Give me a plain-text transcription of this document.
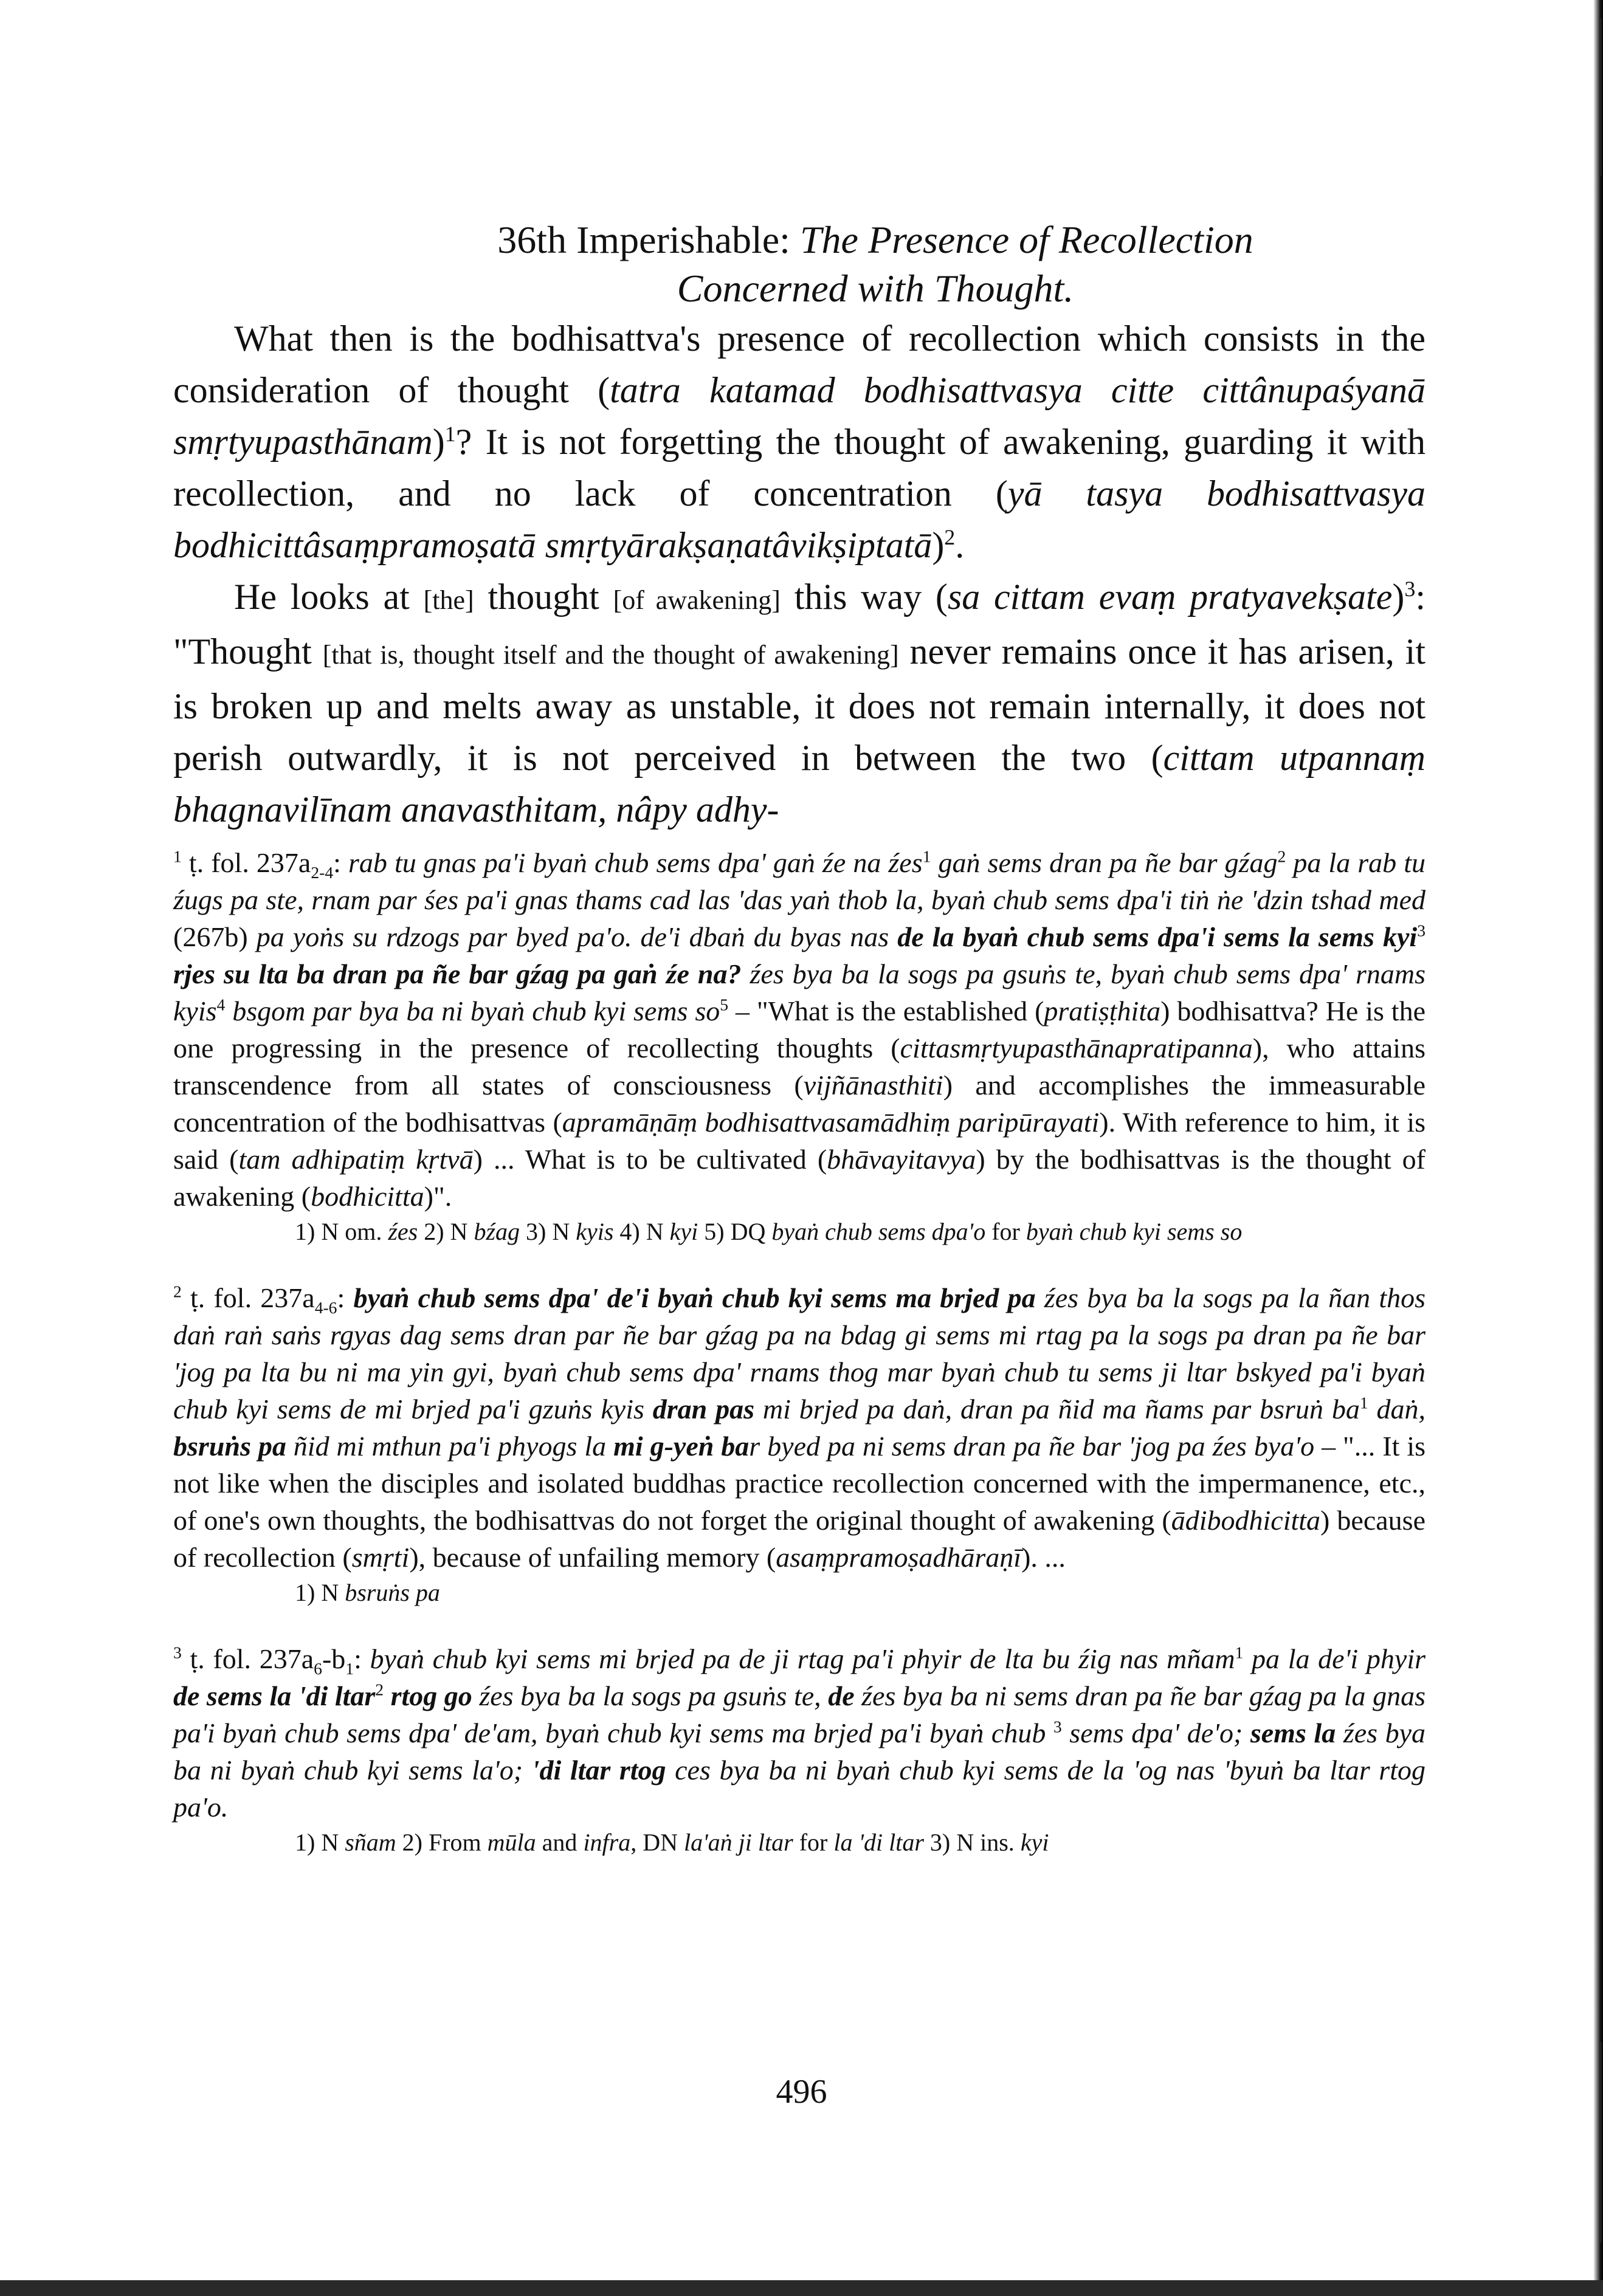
36th Imperishable: The Presence of Recollection
Concerned with Thought.

What then is the bodhisattva's presence of recollection which consists in the consideration of thought (tatra katamad bodhisattvasya citte cittânupaśyanā smṛtyupasthānam)$^1$? It is not forgetting the thought of awakening, guarding it with recollection, and no lack of concentration (yā tasya bodhisattvasya bodhicittâsaṃpramoṣatā smṛtyārakṣaṇatâvikṣiptatā)$^2$.

He looks at [the] thought [of awakening] this way (sa cittam evaṃ pratyavekṣate)$^3$: "Thought [that is, thought itself and the thought of awakening] never remains once it has arisen, it is broken up and melts away as unstable, it does not remain internally, it does not perish outwardly, it is not perceived in between the two (cittam utpannaṃ bhagnavilīnam anavasthitam, nâpy adhy-

$^1$ ṭ. fol. $237a_{2-4}$: rab tu gnas pa'i byaṅ chub sems dpa' gaṅ źe na źes$^1$ gaṅ sems dran pa ñe bar gźag$^2$ pa la rab tu źugs pa ste, rnam par śes pa'i gnas thams cad las 'das yaṅ thob la, byaṅ chub sems dpa'i tiṅ ṅe 'dzin tshad med (267b) pa yoṅs su rdzogs par byed pa'o. de'i dbaṅ du byas nas de la byaṅ chub sems dpa'i sems la sems kyi$^3$ rjes su lta ba dran pa ñe bar gźag pa gaṅ źe na? źes bya ba la sogs pa gsuṅs te, byaṅ chub sems dpa' rnams kyis$^4$ bsgom par bya ba ni byaṅ chub kyi sems $so^5$ – "What is the established (pratiṣṭhita) bodhisattva? He is the one progressing in the presence of recollecting thoughts (cittasmṛtyupasthānapratipanna), who attains transcendence from all states of consciousness (vijñānasthiti) and accomplishes the immeasurable concentration of the bodhisattvas (apramāṇāṃ bodhisattvasamādhiṃ paripūrayati). With reference to him, it is said (tam adhipatiṃ kṛtvā) ... What is to be cultivated (bhāvayitavya) by the bodhisattvas is the thought of awakening (bodhicitta)".

1) N om. źes 2) N bźag 3) N kyis 4) N kyi 5) DQ byaṅ chub sems dpa'o for byaṅ chub kyi sems so

$^2$ ṭ. fol. $237a_{4-6}$: byaṅ chub sems dpa' de'i byaṅ chub kyi sems ma brjed pa źes bya ba la sogs pa la ñan thos daṅ raṅ saṅs rgyas dag sems dran par ñe bar gźag pa na bdag gi sems mi rtag pa la sogs pa dran pa ñe bar 'jog pa lta bu ni ma yin gyi, byaṅ chub sems dpa' rnams thog mar byaṅ chub tu sems ji ltar bskyed pa'i byaṅ chub kyi sems de mi brjed pa'i gzuṅs kyis dran pas mi brjed pa daṅ, dran pa ñid ma ñams par bsruṅ $ba^1$ daṅ, bsruṅs pa ñid mi mthun pa'i phyogs la mi g-yeṅ bar byed pa ni sems dran pa ñe bar 'jog pa źes bya'o – "... It is not like when the disciples and isolated buddhas practice recollection concerned with the impermanence, etc., of one's own thoughts, the bodhisattvas do not forget the original thought of awakening (ādibodhicitta) because of recollection (smṛti), because of unfailing memory (asaṃpramoṣadhāraṇī). ...

1) N bsruṅs pa

$^3$ ṭ. fol. $237a_6-b_1$: byaṅ chub kyi sems mi brjed pa de ji rtag pa'i phyir de lta bu źig nas mñam$^1$ pa la de'i phyir de sems la 'di ltar$^2$ rtog go źes bya ba la sogs pa gsuṅs te, de źes bya ba ni sems dran pa ñe bar gźag pa la gnas pa'i byaṅ chub sems dpa' de'am, byaṅ chub kyi sems ma brjed pa'i byaṅ chub $^3$ sems dpa' de'o; sems la źes bya ba ni byaṅ chub kyi sems la'o; 'di ltar rtog ces bya ba ni byaṅ chub kyi sems de la 'og nas 'byuṅ ba ltar rtog pa'o.

1) N sñam 2) From mūla and infra, DN la'aṅ ji ltar for la 'di ltar 3) N ins. kyi

496
